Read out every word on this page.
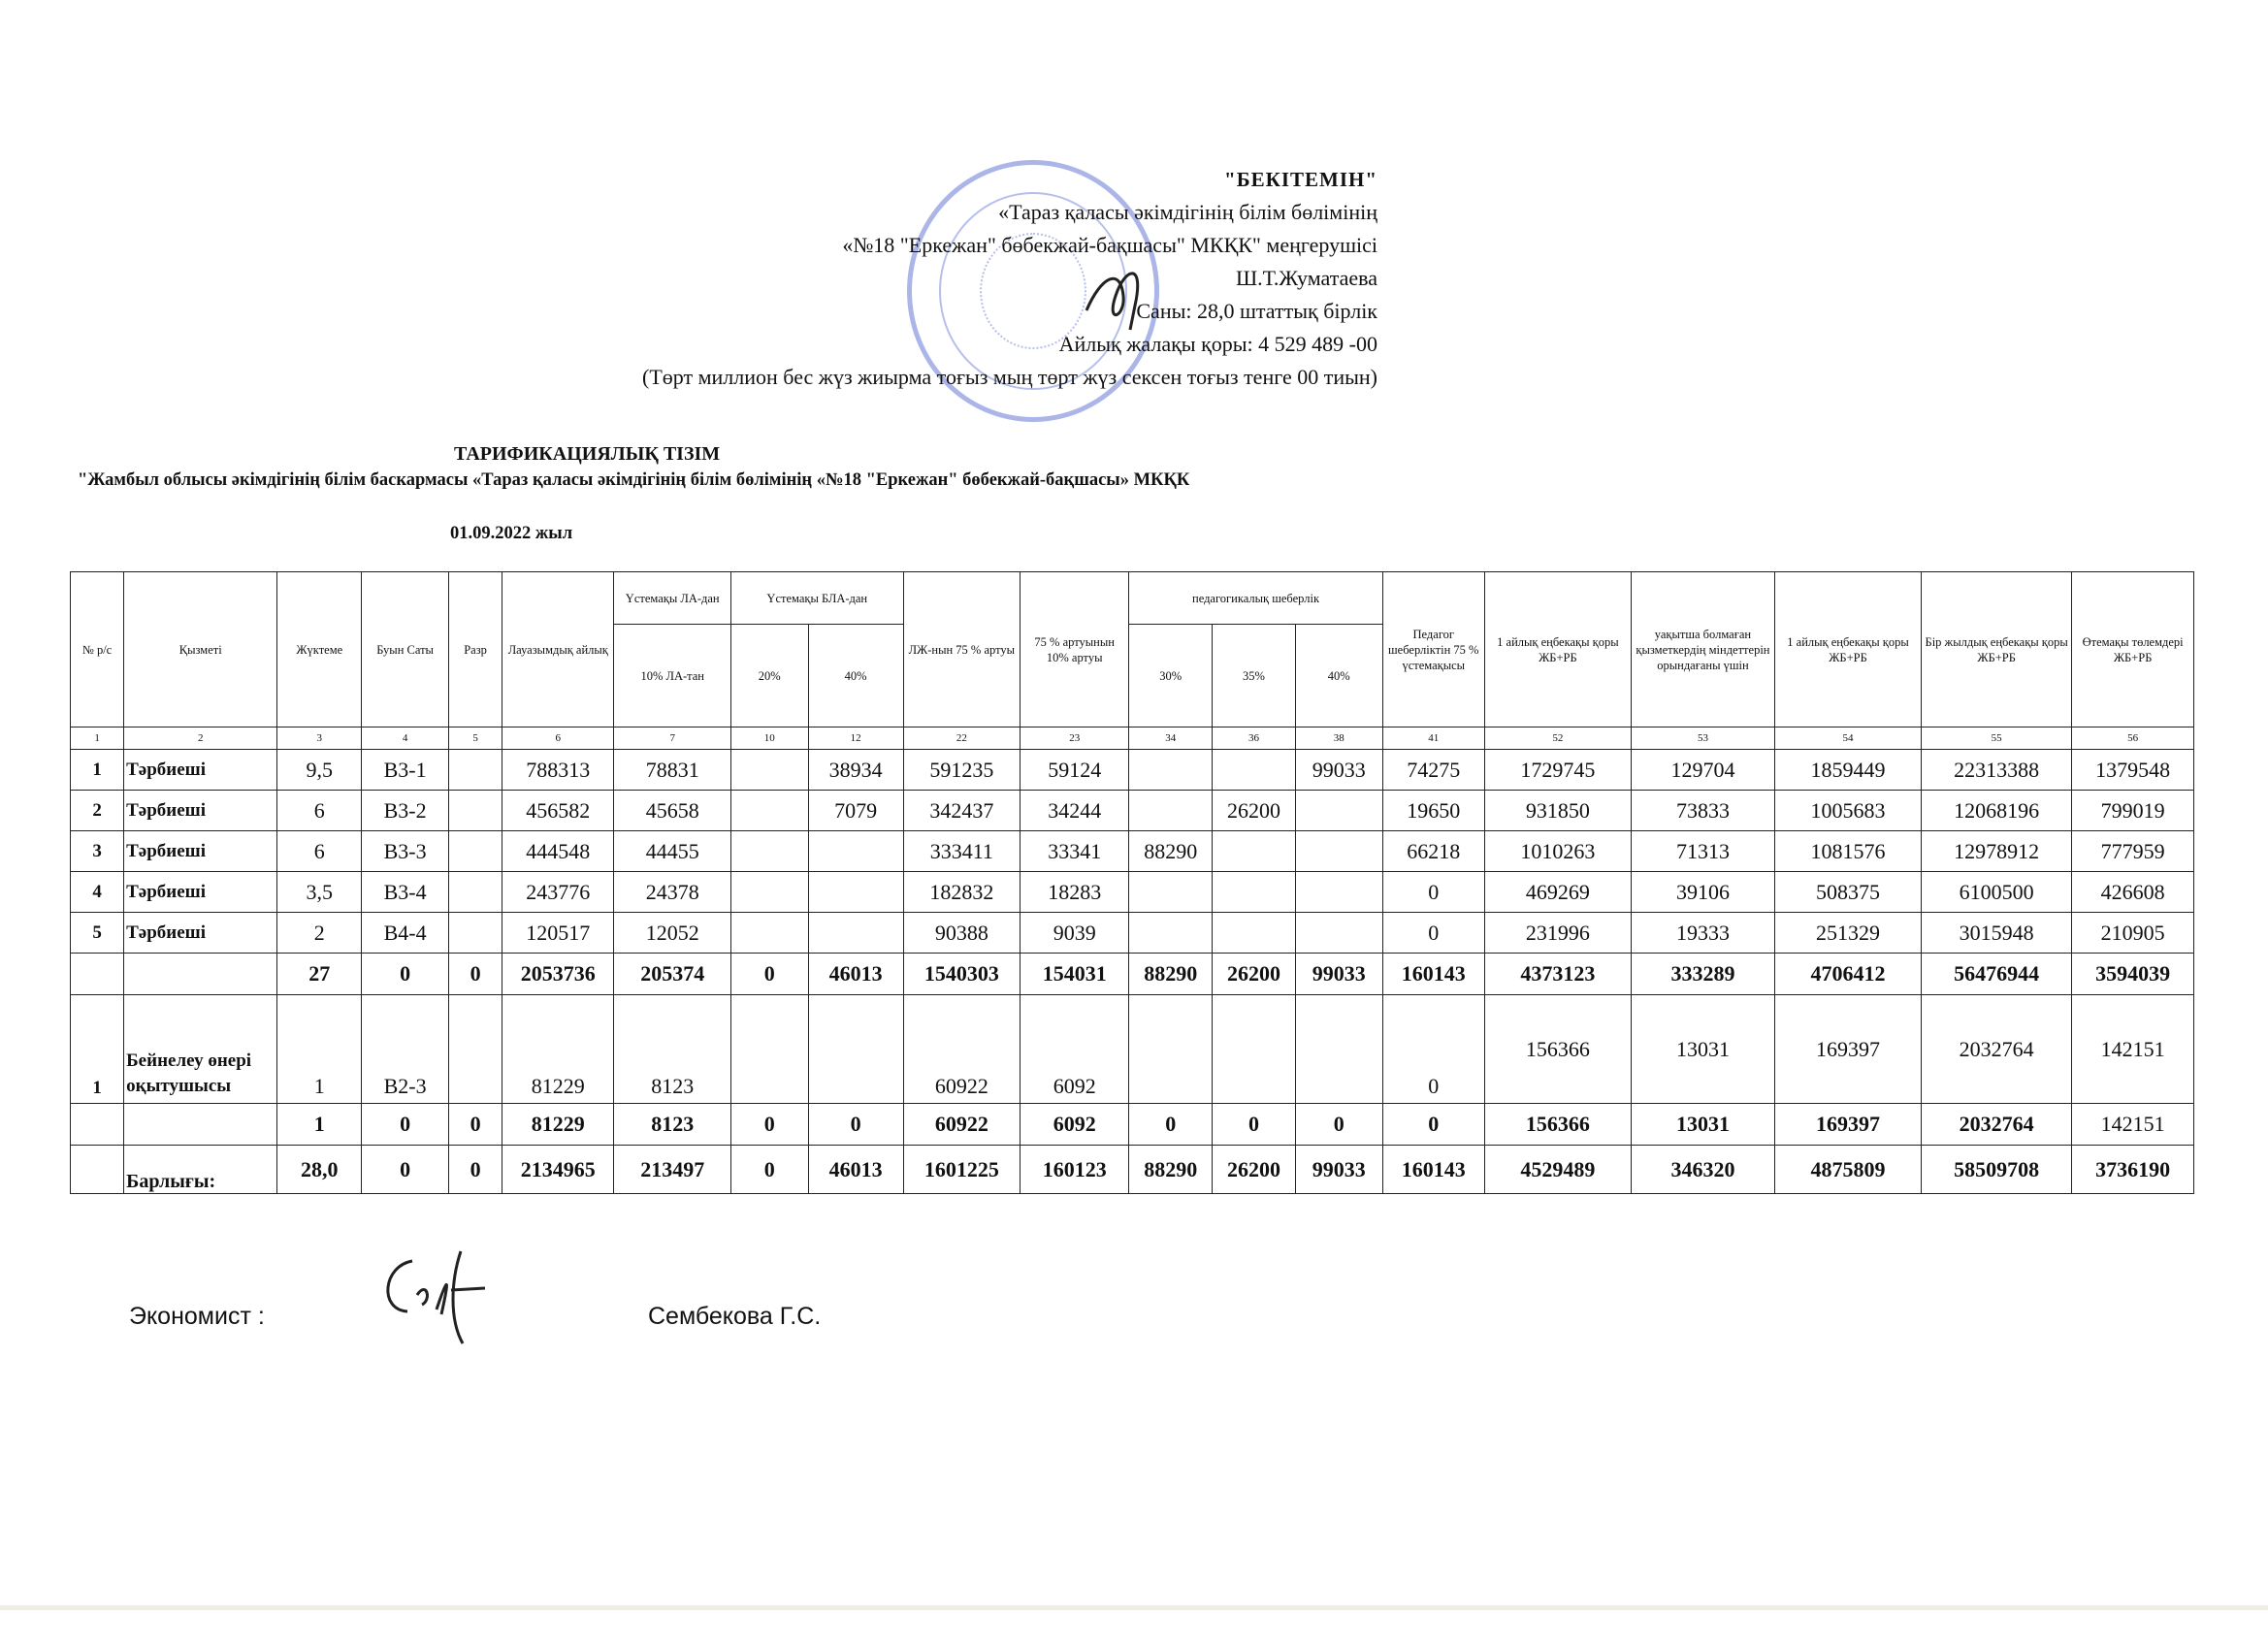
"БЕКІТЕМІН"
«Тараз қаласы әкімдігінің білім бөлімінің
«№18 "Еркежан" бөбекжай-бақшасы" МКҚК" меңгерушісі
Ш.Т.Жуматаева
Саны: 28,0 штаттық бірлік
Айлық жалақы қоры: 4 529 489 -00
(Төрт миллион бес жүз жиырма тоғыз мың төрт жүз сексен тоғыз тенге 00 тиын)
ТАРИФИКАЦИЯЛЫҚ ТІЗІМ
"Жамбыл облысы әкімдігінің білім баскармасы «Тараз қаласы әкімдігінің білім бөлімінің «№18 "Еркежан" бөбекжай-бақшасы» МКҚК
01.09.2022 жыл
№ р/с	Қызметі	Жүктеме	Буын Саты	Разр	Лауазымдық айлық	Үстемақы ЛА-дан	Үстемақы БЛА-дан		ЛЖ-нын 75 % артуы	75 % артуынын 10% артуы	педагогикалық шеберлік			Педагог шеберліктін 75 % үстемақысы	1 айлық еңбекақы қоры ЖБ+РБ	уақытша болмаған қызметкердің міндеттерін орындағаны үшін	1 айлық еңбекақы қоры ЖБ+РБ	Бір жылдық еңбекақы қоры ЖБ+РБ	Өтемақы төлемдері ЖБ+РБ
						10% ЛА-тан	20%	40%			30%	35%	40%						
1	2	3	4	5	6	7	10	12	22	23	34	36	38	41	52	53	54	55	56
1	Тәрбиеші	9,5	В3-1		788313	78831		38934	591235	59124			99033	74275	1729745	129704	1859449	22313388	1379548
2	Тәрбиеші	6	В3-2		456582	45658		7079	342437	34244		26200		19650	931850	73833	1005683	12068196	799019
3	Тәрбиеші	6	В3-3		444548	44455			333411	33341	88290			66218	1010263	71313	1081576	12978912	777959
4	Тәрбиеші	3,5	В3-4		243776	24378			182832	18283				0	469269	39106	508375	6100500	426608
5	Тәрбиеші	2	В4-4		120517	12052			90388	9039				0	231996	19333	251329	3015948	210905
		27	0	0	2053736	205374	0	46013	1540303	154031	88290	26200	99033	160143	4373123	333289	4706412	56476944	3594039
1	Бейнелеу өнері оқытушысы	1	В2-3		81229	8123			60922	6092				0	156366	13031	169397	2032764	142151
		1	0	0	81229	8123	0	0	60922	6092	0	0	0	0	156366	13031	169397	2032764	142151
	Барлығы:	28,0	0	0	2134965	213497	0	46013	1601225	160123	88290	26200	99033	160143	4529489	346320	4875809	58509708	3736190
Экономист :	Сембекова Г.С.
